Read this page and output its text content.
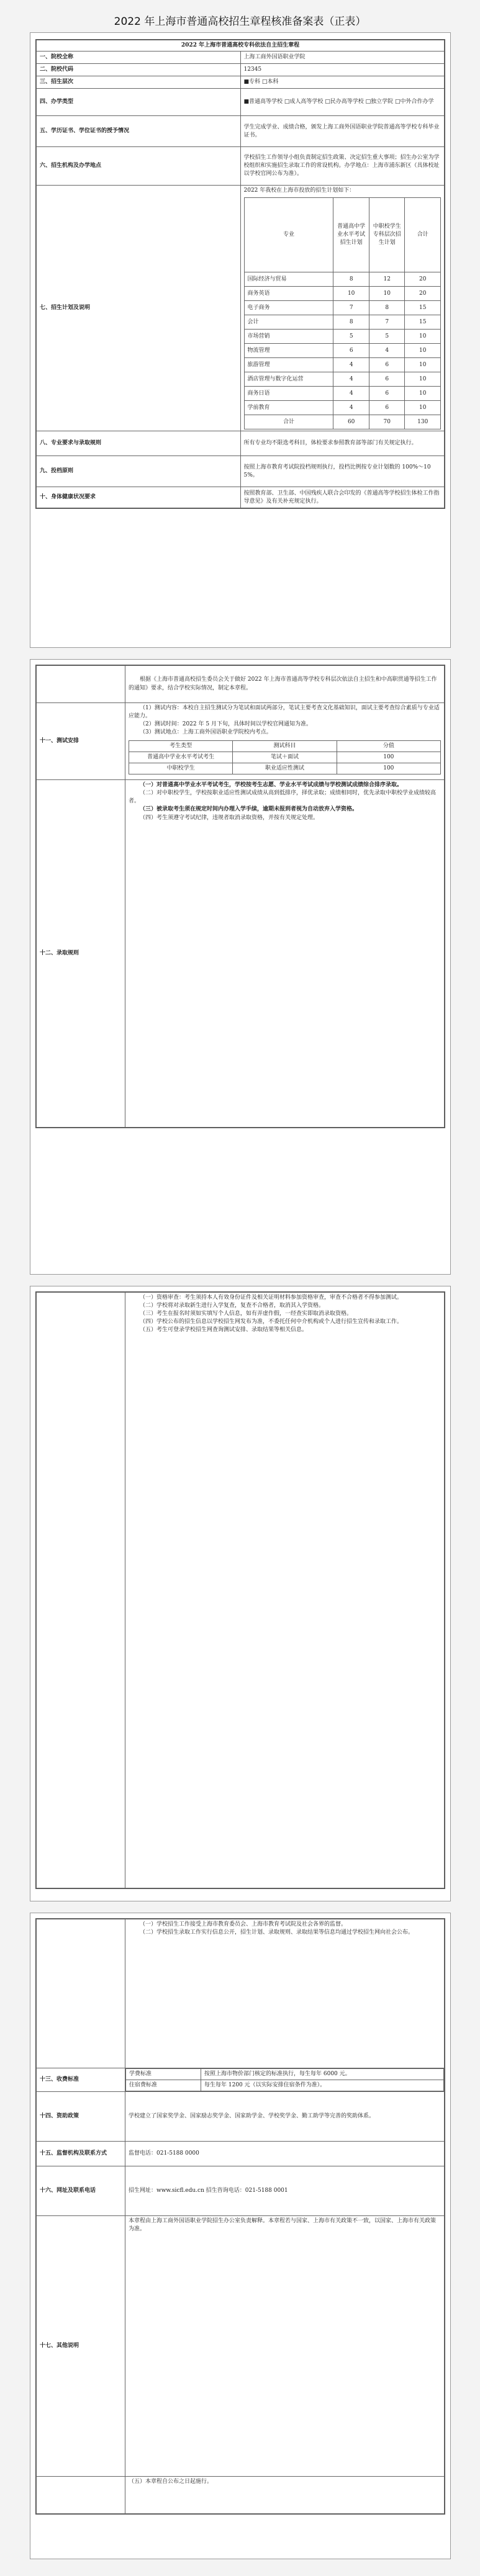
2022 年上海市普通高校招生章程核准备案表（正表）
2022 年上海市普通高校专科依法自主招生章程
一、院校全称	上海工商外国语职业学院
二、院校代码	12345
三、招生层次	■专科 □本科
四、办学类型	■普通高等学校 □成人高等学校 □民办高等学校 □独立学院 □中外合作办学
五、学历证书、学位证书的授予情况	学生完成学业、成绩合格，颁发上海工商外国语职业学院普通高等学校专科毕业证书。
六、招生机构及办学地点	学校招生工作领导小组负责制定招生政策、决定招生重大事项；招生办公室为学校组织和实施招生录取工作的常设机构。办学地点：上海市浦东新区（具体校址以学校官网公布为准）。
七、招生计划及说明	
2022 年我校在上海市投放的招生计划如下：
专业	普通高中学业水平考试招生计划	中职校学生专科层次招生计划	合计
国际经济与贸易	8	12	20
商务英语	10	10	20
电子商务	7	8	15
会计	8	7	15
市场营销	5	5	10
物流管理	6	4	10
旅游管理	4	6	10
酒店管理与数字化运营	4	6	10
商务日语	4	6	10
学前教育	4	6	10
合计	60	70	130

八、专业要求与录取规则	所有专业均不限选考科目，体检要求参照教育部等部门有关规定执行。
九、投档原则	按照上海市教育考试院投档规则执行，投档比例按专业计划数的 100%～105%。
十、身体健康状况要求	按照教育部、卫生部、中国残疾人联合会印发的《普通高等学校招生体检工作指导意见》及有关补充规定执行。

根据《上海市普通高校招生委员会关于做好 2022 年上海市普通高等学校专科层次依法自主招生和中高职贯通等招生工作的通知》要求，结合学校实际情况，制定本章程。

十一、测试安排	

（1）测试内容：本校自主招生测试分为笔试和面试两部分，笔试主要考查文化基础知识，面试主要考查综合素质与专业适应能力。

（2）测试时间：2022 年 5 月下旬，具体时间以学校官网通知为准。

（3）测试地点：上海工商外国语职业学院校内考点。

考生类型	测试科目	分值
普通高中学业水平考试考生	笔试＋面试	100
中职校学生	职业适应性测试	100

十二、录取规则	

（一）对普通高中学业水平考试考生，学校按考生志愿、学业水平考试成绩与学校测试成绩综合排序录取。

（二）对中职校学生，学校按职业适应性测试成绩从高到低排序，择优录取；成绩相同时，优先录取中职校学业成绩较高者。

（三）被录取考生须在规定时间内办理入学手续，逾期未报到者视为自动放弃入学资格。

（四）考生须遵守考试纪律，违规者取消录取资格，并按有关规定处理。

（一）资格审查：考生须持本人有效身份证件及相关证明材料参加资格审查，审查不合格者不得参加测试。

（二）学校将对录取新生进行入学复查，复查不合格者，取消其入学资格。

（三）考生在报名时须如实填写个人信息，如有弄虚作假，一经查实即取消录取资格。

（四）学校公布的招生信息以学校招生网发布为准，不委托任何中介机构或个人进行招生宣传和录取工作。

（五）考生可登录学校招生网查询测试安排、录取结果等相关信息。

（一）学校招生工作接受上海市教育委员会、上海市教育考试院及社会各界的监督。

（二）学校招生录取工作实行信息公开，招生计划、录取规则、录取结果等信息均通过学校招生网向社会公布。

十三、收费标准	
学费标准	按照上海市物价部门核定的标准执行，每生每年 6000 元。
住宿费标准	每生每年 1200 元（以实际安排住宿条件为准）。

十四、资助政策	学校建立了国家奖学金、国家励志奖学金、国家助学金、学校奖学金、勤工助学等完善的奖助体系。
十五、监督机构及联系方式	监督电话：021-5188 0000
十六、网址及联系电话	招生网址：www.sicfl.edu.cn 招生咨询电话：021-5188 0001
十七、其他说明	本章程由上海工商外国语职业学院招生办公室负责解释。本章程若与国家、上海市有关政策不一致，以国家、上海市有关政策为准。
	（五）本章程自公布之日起施行。
